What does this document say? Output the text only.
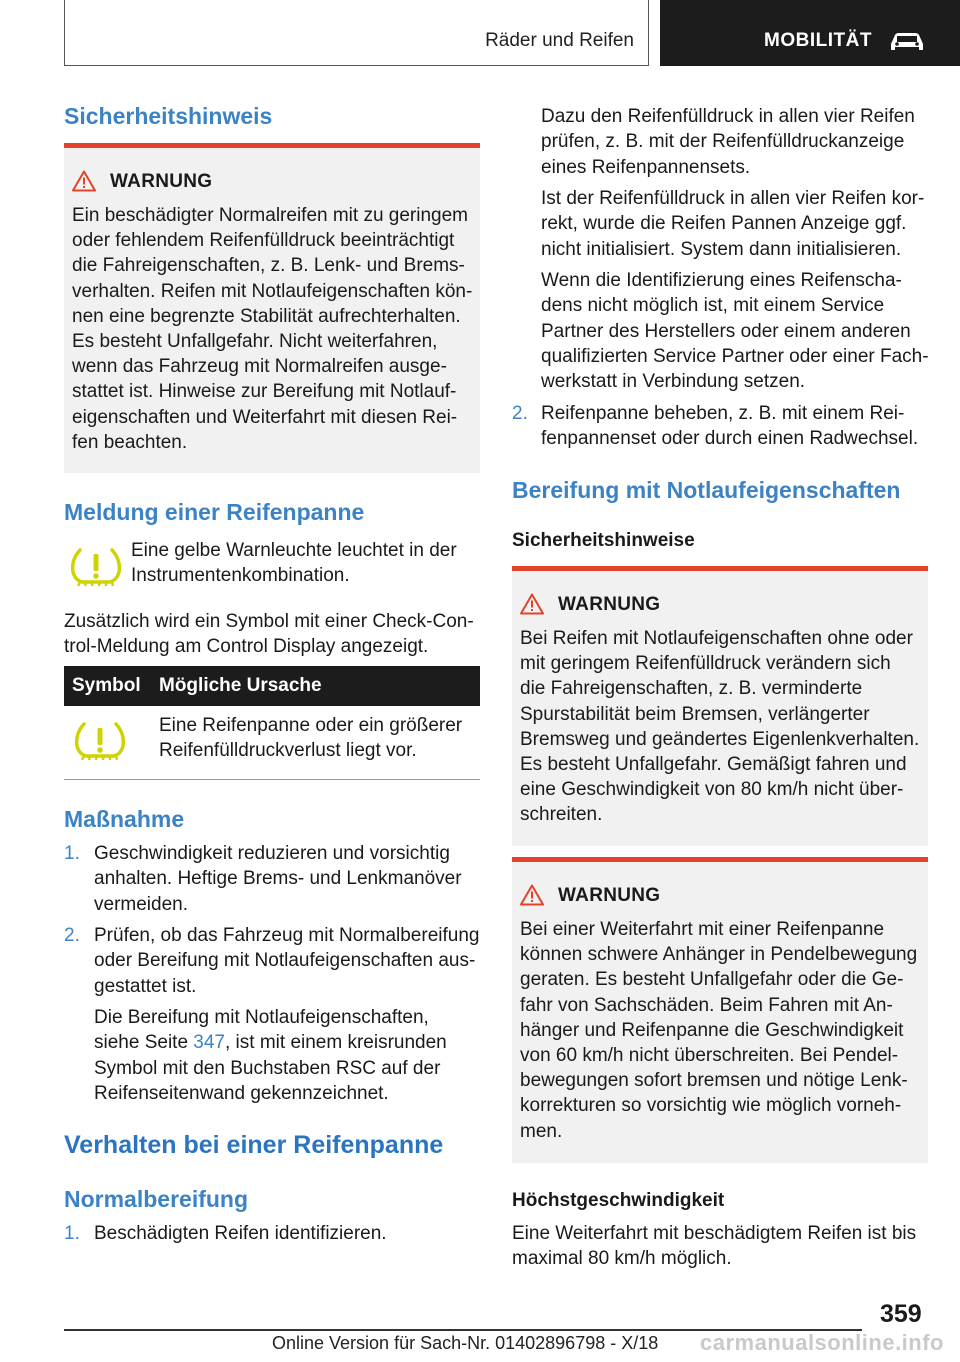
Räder und Reifen	MOBILITÄT
Sicherheitshinweis
WARNUNG

Ein beschädigter Normalreifen mit zu geringem

oder fehlendem Reifenfülldruck beeinträchtigt

die Fahreigenschaften, z. B. Lenk- und Brems‐

verhalten. Reifen mit Notlaufeigenschaften kön‐

nen eine begrenzte Stabilität aufrechterhalten.

Es besteht Unfallgefahr. Nicht weiterfahren,

wenn das Fahrzeug mit Normalreifen ausge‐

stattet ist. Hinweise zur Bereifung mit Notlauf‐

eigenschaften und Weiterfahrt mit diesen Rei‐

fen beachten.

Meldung einer Reifenpanne

Eine gelbe Warnleuchte leuchtet in der

Instrumentenkombination.

Zusätzlich wird ein Symbol mit einer Check-Con‐

trol-Meldung am Control Display angezeigt.

Symbol Mögliche Ursache

Eine Reifenpanne oder ein größerer

Reifenfülldruckverlust liegt vor.

Maßnahme
1. Geschwindigkeit reduzieren und vorsichtig

anhalten. Heftige Brems- und Lenkmanöver

vermeiden.

2. Prüfen, ob das Fahrzeug mit Normalbereifung

oder Bereifung mit Notlaufeigenschaften aus‐

gestattet ist.

Die Bereifung mit Notlaufeigenschaften,

siehe Seite 347, ist mit einem kreisrunden

Symbol mit den Buchstaben RSC auf der

Reifenseitenwand gekennzeichnet.

Verhalten bei einer Reifenpanne
Normalbereifung
1. Beschädigten Reifen identifizieren.

Dazu den Reifenfülldruck in allen vier Reifen

prüfen, z. B. mit der Reifenfülldruckanzeige

eines Reifenpannensets.

Ist der Reifenfülldruck in allen vier Reifen kor‐

rekt, wurde die Reifen Pannen Anzeige ggf.

nicht initialisiert. System dann initialisieren.

Wenn die Identifizierung eines Reifenscha‐

dens nicht möglich ist, mit einem Service

Partner des Herstellers oder einem anderen

qualifizierten Service Partner oder einer Fach‐

werkstatt in Verbindung setzen.

2. Reifenpanne beheben, z. B. mit einem Rei‐

fenpannenset oder durch einen Radwechsel.

Bereifung mit Notlaufeigenschaften
Sicherheitshinweise
WARNUNG

Bei Reifen mit Notlaufeigenschaften ohne oder

mit geringem Reifenfülldruck verändern sich

die Fahreigenschaften, z. B. verminderte

Spurstabilität beim Bremsen, verlängerter

Bremsweg und geändertes Eigenlenkverhalten.

Es besteht Unfallgefahr. Gemäßigt fahren und

eine Geschwindigkeit von 80 km/h nicht über‐

schreiten.

WARNUNG

Bei einer Weiterfahrt mit einer Reifenpanne

können schwere Anhänger in Pendelbewegung

geraten. Es besteht Unfallgefahr oder die Ge‐

fahr von Sachschäden. Beim Fahren mit An‐

hänger und Reifenpanne die Geschwindigkeit

von 60 km/h nicht überschreiten. Bei Pendel‐

bewegungen sofort bremsen und nötige Lenk‐

korrekturen so vorsichtig wie möglich vorneh‐

men.

Höchstgeschwindigkeit

Eine Weiterfahrt mit beschädigtem Reifen ist bis

maximal 80 km/h möglich.

359
Online Version für Sach-Nr. 01402896798 - X/18 carmanualsonline.info
